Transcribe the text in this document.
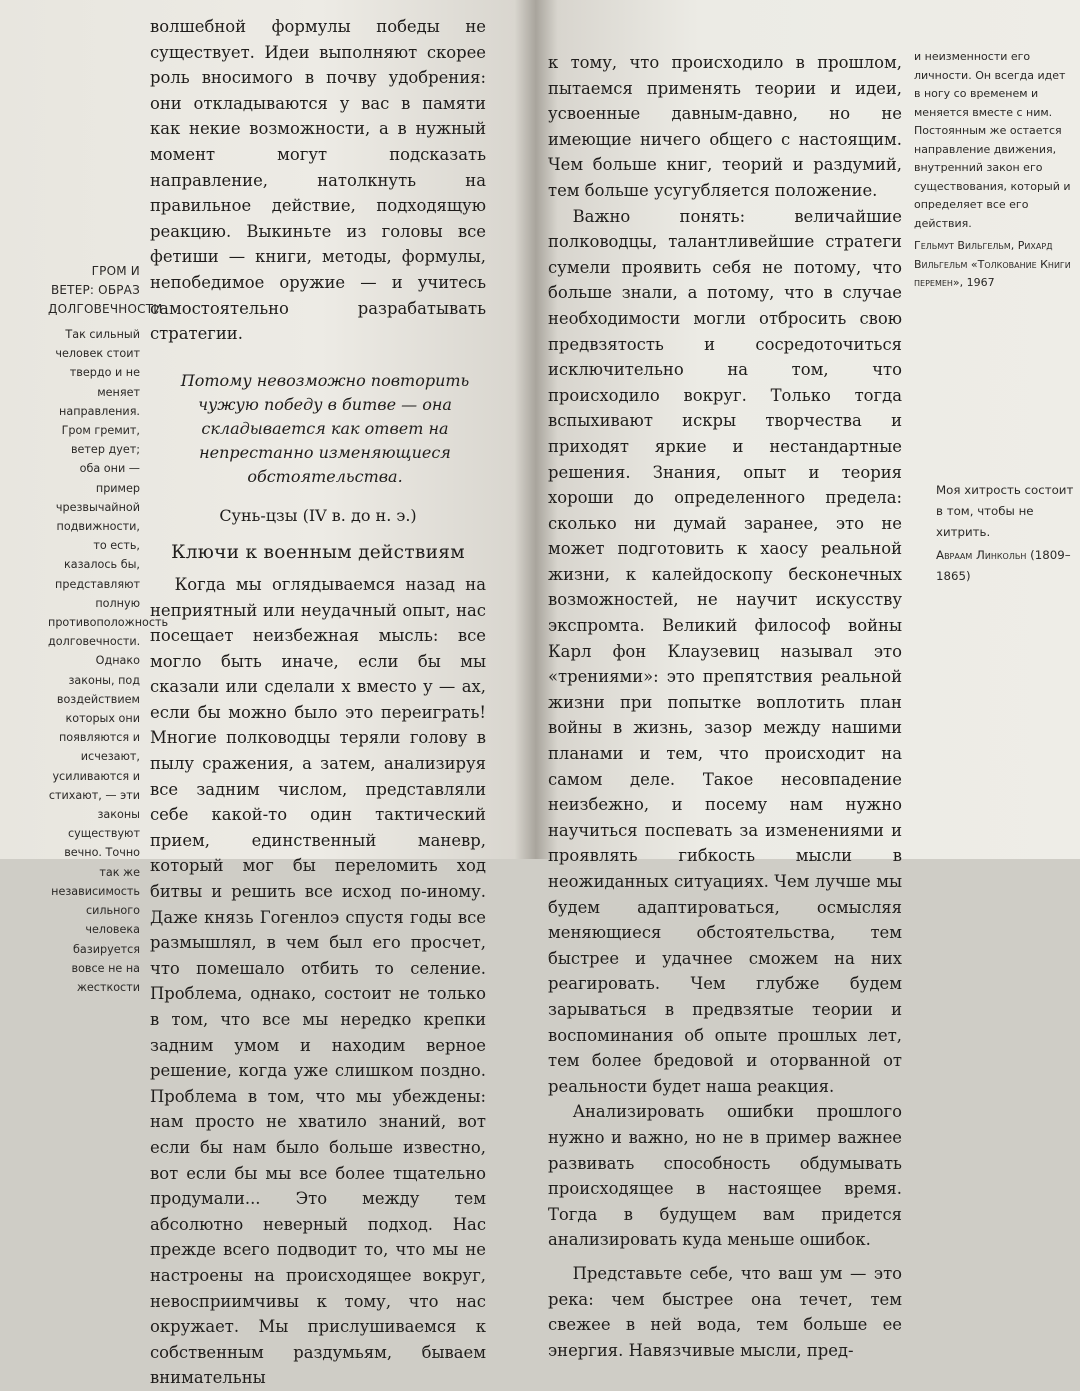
волшебной формулы победы не существует. Идеи выполняют скорее роль вносимого в почву удобрения: они откладываются у вас в памяти как некие возможности, а в нужный момент могут подсказать направление, натолкнуть на правильное действие, подходящую реакцию. Выкиньте из головы все фетиши — книги, методы, формулы, непобедимое оружие — и учитесь самостоятельно разрабатывать стратегии.

Потому невозможно повторить чужую победу в битве — она складывается как ответ на непрестанно изменяющиеся обстоятельства.
Сунь-цзы (IV в. до н. э.)
Ключи к военным действиям

Когда мы оглядываемся назад на неприятный или неудачный опыт, нас посещает неизбежная мысль: все могло быть иначе, если бы мы сказали или сделали x вместо y — ах, если бы можно было это переиграть! Многие полководцы теряли голову в пылу сражения, а затем, анализируя все задним числом, представляли себе какой-то один тактический прием, единственный маневр, который мог бы переломить ход битвы и решить все исход по-иному. Даже князь Гогенлоэ спустя годы все размышлял, в чем был его просчет, что помешало отбить то селение. Проблема, однако, состоит не только в том, что все мы нередко крепки задним умом и находим верное решение, когда уже слишком поздно. Проблема в том, что мы убеждены: нам просто не хватило знаний, вот если бы нам было больше известно, вот если бы мы все более тщательно продумали... Это между тем абсолютно неверный подход. Нас прежде всего подводит то, что мы не настроены на происходящее вокруг, невосприимчивы к тому, что нас окружает. Мы прислушиваемся к собственным раздумьям, бываем внимательны

ГРОМ И ВЕТЕР: ОБРАЗ ДОЛГОВЕЧНОСТИ
Так сильный человек стоит твердо и не меняет направления. Гром гремит, ветер дует; оба они — пример чрезвычайной подвижности, то есть, казалось бы, представляют полную противоположность долговечности. Однако законы, под воздействием которых они появляются и исчезают, усиливаются и стихают, — эти законы существуют вечно. Точно так же независимость сильного человека базируется вовсе не на жесткости

к тому, что происходило в прошлом, пытаемся применять теории и идеи, усвоенные давным-давно, но не имеющие ничего общего с настоящим. Чем больше книг, теорий и раздумий, тем больше усугубляется положение.

Важно понять: величайшие полководцы, талантливейшие стратеги сумели проявить себя не потому, что больше знали, а потому, что в случае необходимости могли отбросить свою предвзятость и сосредоточиться исключительно на том, что происходило вокруг. Только тогда вспыхивают искры творчества и приходят яркие и нестандартные решения. Знания, опыт и теория хороши до определенного предела: сколько ни думай заранее, это не может подготовить к хаосу реальной жизни, к калейдоскопу бесконечных возможностей, не научит искусству экспромта. Великий философ войны Карл фон Клаузевиц называл это «трениями»: это препятствия реальной жизни при попытке воплотить план войны в жизнь, зазор между нашими планами и тем, что происходит на самом деле. Такое несовпадение неизбежно, и посему нам нужно научиться поспевать за изменениями и проявлять гибкость мысли в неожиданных ситуациях. Чем лучше мы будем адаптироваться, осмысляя меняющиеся обстоятельства, тем быстрее и удачнее сможем на них реагировать. Чем глубже будем зарываться в предвзятые теории и воспоминания об опыте прошлых лет, тем более бредовой и оторванной от реальности будет наша реакция.

Анализировать ошибки прошлого нужно и важно, но не в пример важнее развивать способность обдумывать происходящее в настоящее время. Тогда в будущем вам придется анализировать куда меньше ошибок.

Представьте себе, что ваш ум — это река: чем быстрее она течет, тем свежее в ней вода, тем больше ее энергия. Навязчивые мысли, пред-

и неизменности его личности. Он всегда идет в ногу со временем и меняется вместе с ним. Постоянным же остается направление движения, внутренний закон его существования, который и определяет все его действия.
Гельмут Вильгельм, Рихард Вильгельм «Толкование Книги перемен», 1967
Моя хитрость состоит в том, чтобы не хитрить.
Авраам Линкольн (1809–1865)
